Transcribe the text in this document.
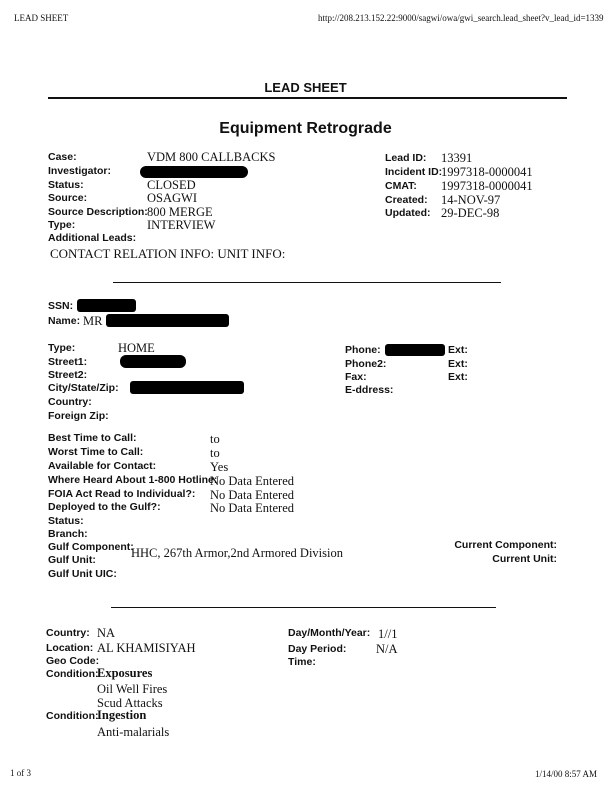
LEAD SHEET	http://208.213.152.22:9000/sagwi/owa/gwi_search.lead_sheet?v_lead_id=1339
LEAD SHEET
Equipment Retrograde
Case:	VDM 800 CALLBACKS
Investigator:
Status:	CLOSED
Source:	OSAGWI
Source Description: 800 MERGE
Type:	INTERVIEW
Additional Leads:
CONTACT RELATION INFO: UNIT INFO:
Lead ID: 13391
Incident ID:
1997318-0000041
CMAT: 1997318-0000041
Created: 14-NOV-97
Updated: 29-DEC-98
SSN:
Name: MR
Type:	HOME
Street1:
Street2:
City/State/Zip:
Country:
Foreign Zip:
Phone:	Ext:
Phone2:	Ext:
Fax:	Ext:
E-ddress:
Best Time to Call:	to
Worst Time to Call:	to
Available for Contact:	Yes
Where Heard About 1-800 Hotline:
No Data Entered
FOIA Act Read to Individual?: No Data Entered
Deployed to the Gulf?:	No Data Entered
Status:
Branch:
Gulf Component:
Gulf Unit:	HHC, 267th Armor,2nd Armored Division
Gulf Unit UIC:
Current Component:
Current Unit:
Country: NA
Location: AL KHAMISIYAH
Geo Code:
Condition:
Exposures
Oil Well Fires
Scud Attacks
Condition:
Ingestion
Anti-malarials
Day/Month/Year: 1//1
Day Period: N/A
Time:
1 of 3	1/14/00 8:57 AM
